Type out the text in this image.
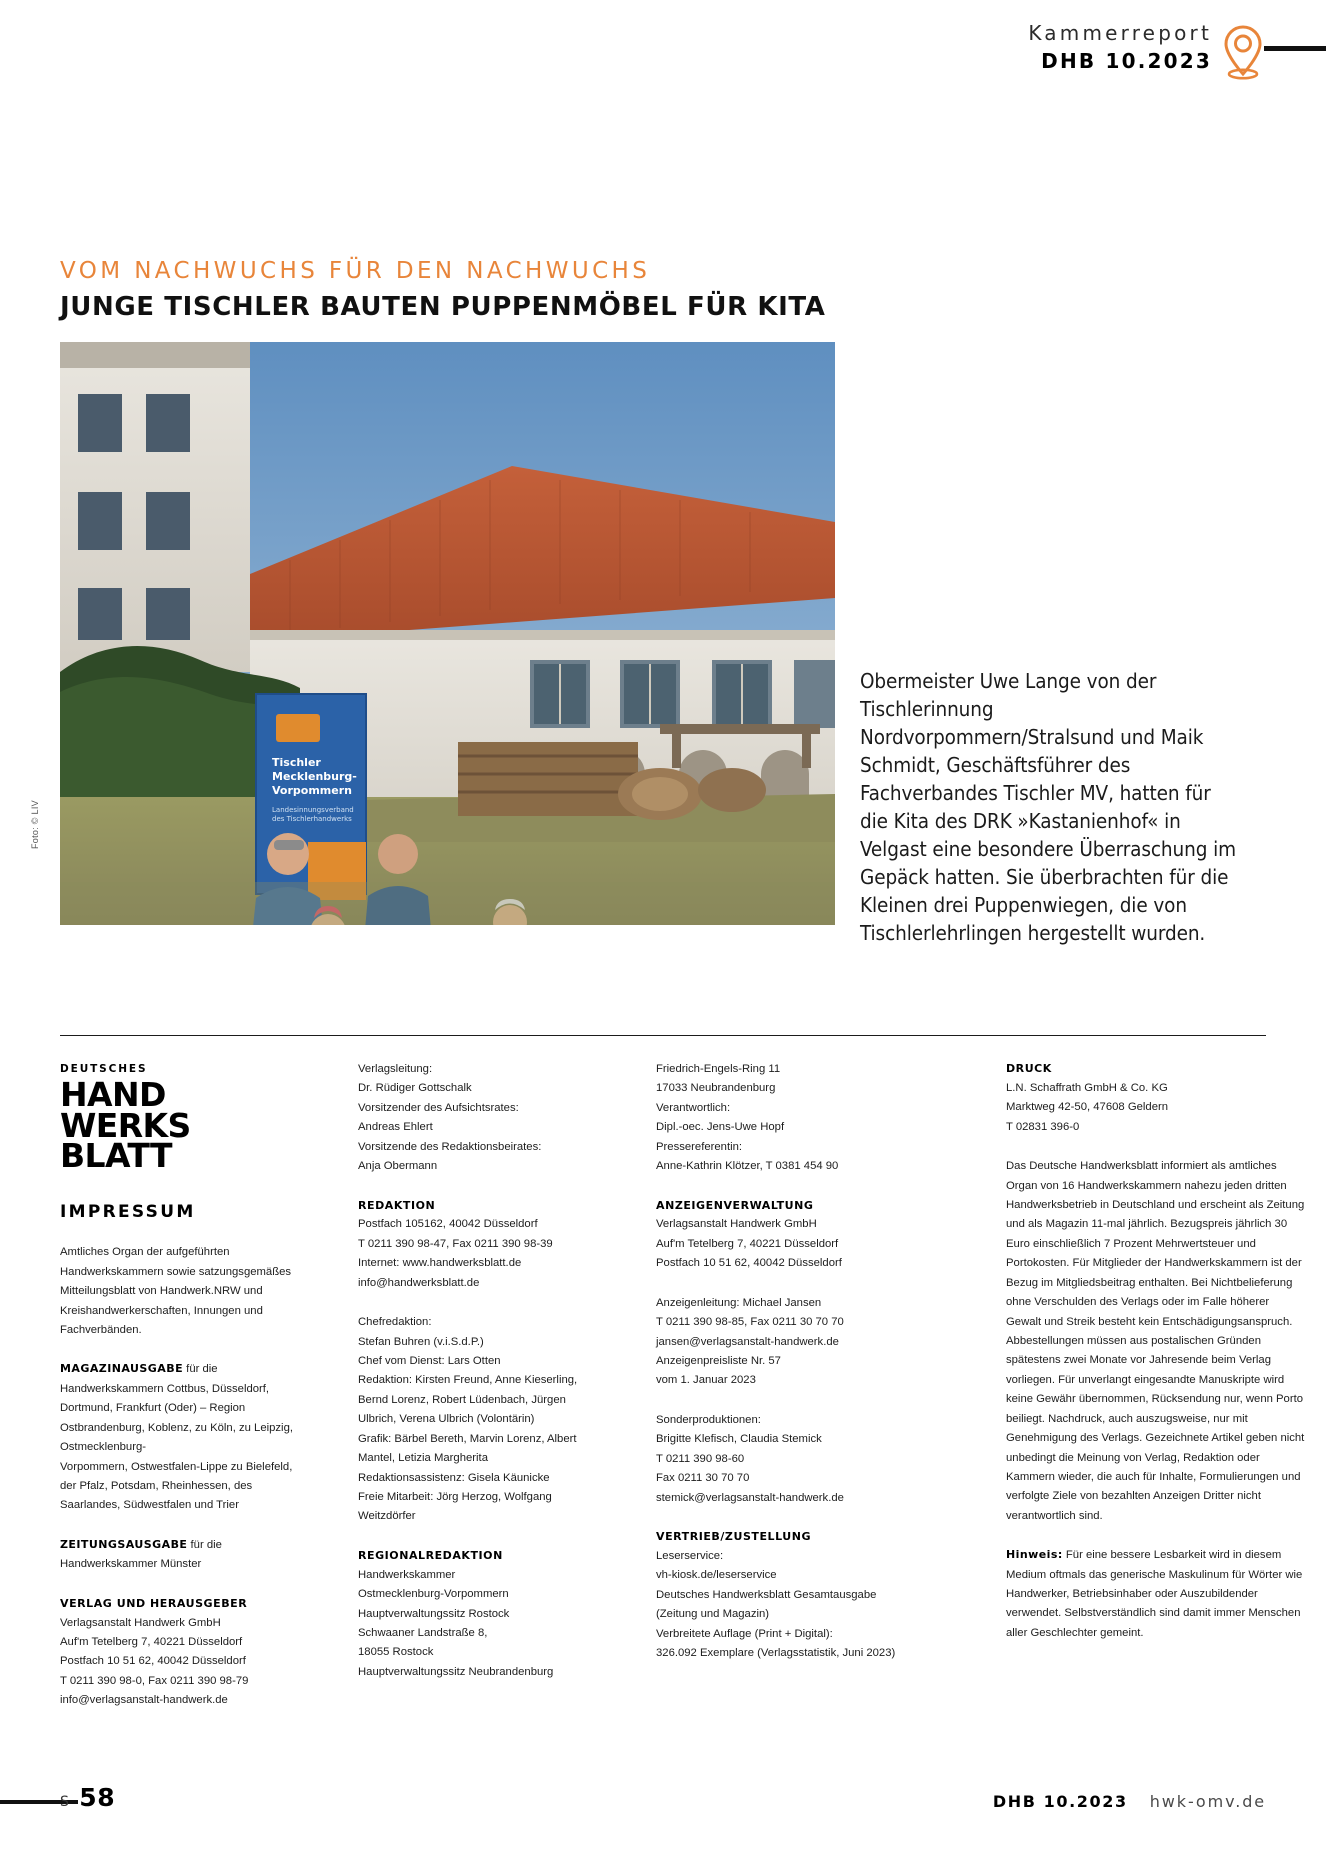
Kammerreport
DHB 10.2023
VOM NACHWUCHS FÜR DEN NACHWUCHS
JUNGE TISCHLER BAUTEN PUPPENMÖBEL FÜR KITA
Tischler
Mecklenburg-
Vorpommern
Landesinnungsverband
des Tischlerhandwerks
Foto: © LIV
Obermeister Uwe Lange von der Tischlerinnung Nordvorpommern/Stralsund und Maik Schmidt, Geschäftsführer des Fachverbandes Tischler MV, hatten für die Kita des DRK »Kastanienhof« in Velgast eine besondere Überraschung im Gepäck hatten. Sie überbrachten für die Kleinen drei Puppenwiegen, die von Tischlerlehrlingen hergestellt wurden.
DEUTSCHES
HAND
WERKS
BLATT
IMPRESSUM

Amtliches Organ der aufgeführten Handwerkskammern sowie satzungsgemäßes Mitteilungsblatt von Handwerk.NRW und Kreishandwerkerschaften, Innungen und Fachverbänden.

MAGAZINAUSGABE für die Handwerkskammern Cottbus, Düsseldorf, Dortmund, Frankfurt (Oder) – Region Ostbrandenburg, Koblenz, zu Köln, zu Leipzig, Ostmecklenburg-
Vorpommern, Ostwestfalen-Lippe zu Bielefeld, der Pfalz, Potsdam, Rheinhessen, des Saarlandes, Südwestfalen und Trier

ZEITUNGSAUSGABE für die Handwerkskammer Münster

VERLAG UND HERAUSGEBER
Verlagsanstalt Handwerk GmbH
Auf'm Tetelberg 7, 40221 Düsseldorf
Postfach 10 51 62, 40042 Düsseldorf
T 0211 390 98-0, Fax 0211 390 98-79
info@verlagsanstalt-handwerk.de
Verlagsleitung:
Dr. Rüdiger Gottschalk
Vorsitzender des Aufsichtsrates:
Andreas Ehlert
Vorsitzende des Redaktionsbeirates:
Anja Obermann
REDAKTION
Postfach 105162, 40042 Düsseldorf
T 0211 390 98-47, Fax 0211 390 98-39
Internet: www.handwerksblatt.de
info@handwerksblatt.de
Chefredaktion:
Stefan Buhren (v.i.S.d.P.)
Chef vom Dienst: Lars Otten
Redaktion: Kirsten Freund, Anne Kieserling, Bernd Lorenz, Robert Lüdenbach, Jürgen Ulbrich, Verena Ulbrich (Volontärin)
Grafik: Bärbel Bereth, Marvin Lorenz, Albert Mantel, Letizia Margherita
Redaktionsassistenz: Gisela Käunicke
Freie Mitarbeit: Jörg Herzog, Wolfgang Weitzdörfer
REGIONALREDAKTION
Handwerkskammer
Ostmecklenburg-Vorpommern
Hauptverwaltungssitz Rostock
Schwaaner Landstraße 8,
18055 Rostock
Hauptverwaltungssitz Neubrandenburg
Friedrich-Engels-Ring 11
17033 Neubrandenburg
Verantwortlich:
Dipl.-oec. Jens-Uwe Hopf
Pressereferentin:
Anne-Kathrin Klötzer, T 0381 454 90
ANZEIGENVERWALTUNG
Verlagsanstalt Handwerk GmbH
Auf'm Tetelberg 7, 40221 Düsseldorf
Postfach 10 51 62, 40042 Düsseldorf
Anzeigenleitung: Michael Jansen
T 0211 390 98-85, Fax 0211 30 70 70
jansen@verlagsanstalt-handwerk.de
Anzeigenpreisliste Nr. 57
vom 1. Januar 2023
Sonderproduktionen:
Brigitte Klefisch, Claudia Stemick
T 0211 390 98-60
Fax 0211 30 70 70
stemick@verlagsanstalt-handwerk.de
VERTRIEB/ZUSTELLUNG
Leserservice:
vh-kiosk.de/leserservice
Deutsches Handwerksblatt Gesamtausgabe
(Zeitung und Magazin)
Verbreitete Auflage (Print + Digital):
326.092 Exemplare (Verlagsstatistik, Juni 2023)
DRUCK
L.N. Schaffrath GmbH & Co. KG
Marktweg 42-50, 47608 Geldern
T 02831 396-0

Das Deutsche Handwerksblatt informiert als amtliches Organ von 16 Handwerkskammern nahezu jeden dritten Handwerksbetrieb in Deutschland und erscheint als Zeitung und als Magazin 11-mal jährlich. Bezugspreis jährlich 30 Euro einschließlich 7 Prozent Mehrwertsteuer und Portokosten. Für Mitglieder der Handwerkskammern ist der Bezug im Mitgliedsbeitrag enthalten. Bei Nichtbelieferung ohne Verschulden des Verlags oder im Falle höherer Gewalt und Streik besteht kein Entschädigungsanspruch. Abbestellungen müssen aus postalischen Gründen spätestens zwei Monate vor Jahresende beim Verlag vorliegen. Für unverlangt eingesandte Manuskripte wird keine Gewähr übernommen, Rücksendung nur, wenn Porto beiliegt. Nachdruck, auch auszugsweise, nur mit Genehmigung des Verlags. Gezeichnete Artikel geben nicht unbedingt die Meinung von Verlag, Redaktion oder Kammern wieder, die auch für Inhalte, Formulierungen und verfolgte Ziele von bezahlten Anzeigen Dritter nicht verantwortlich sind.

Hinweis: Für eine bessere Lesbarkeit wird in diesem Medium oftmals das generische Maskulinum für Wörter wie Handwerker, Betriebsinhaber oder Auszubildender verwendet. Selbstverständlich sind damit immer Menschen aller Geschlechter gemeint.

S 58	DHB 10.2023 hwk-omv.de
